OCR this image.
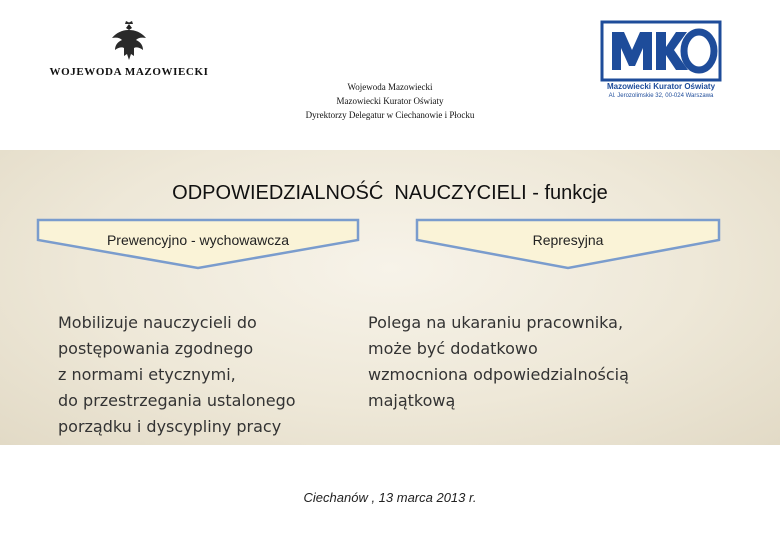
WOJEWODA MAZOWIECKI
Wojewoda Mazowiecki
Mazowiecki Kurator Oświaty
Dyrektorzy Delegatur w Ciechanowie i Płocku
Mazowiecki Kurator Oświaty
Al. Jerozolimskie 32, 00-024 Warszawa
ODPOWIEDZIALNOŚĆ  NAUCZYCIELI - funkcje
Prewencyjno - wychowawcza	Represyjna
Mobilizuje nauczycieli do
postępowania zgodnego
z normami etycznymi,
do przestrzegania ustalonego
porządku i dyscypliny pracy
Polega na ukaraniu pracownika,
może być dodatkowo
wzmocniona odpowiedzialnością
majątkową
Ciechanów , 13 marca 2013 r.
